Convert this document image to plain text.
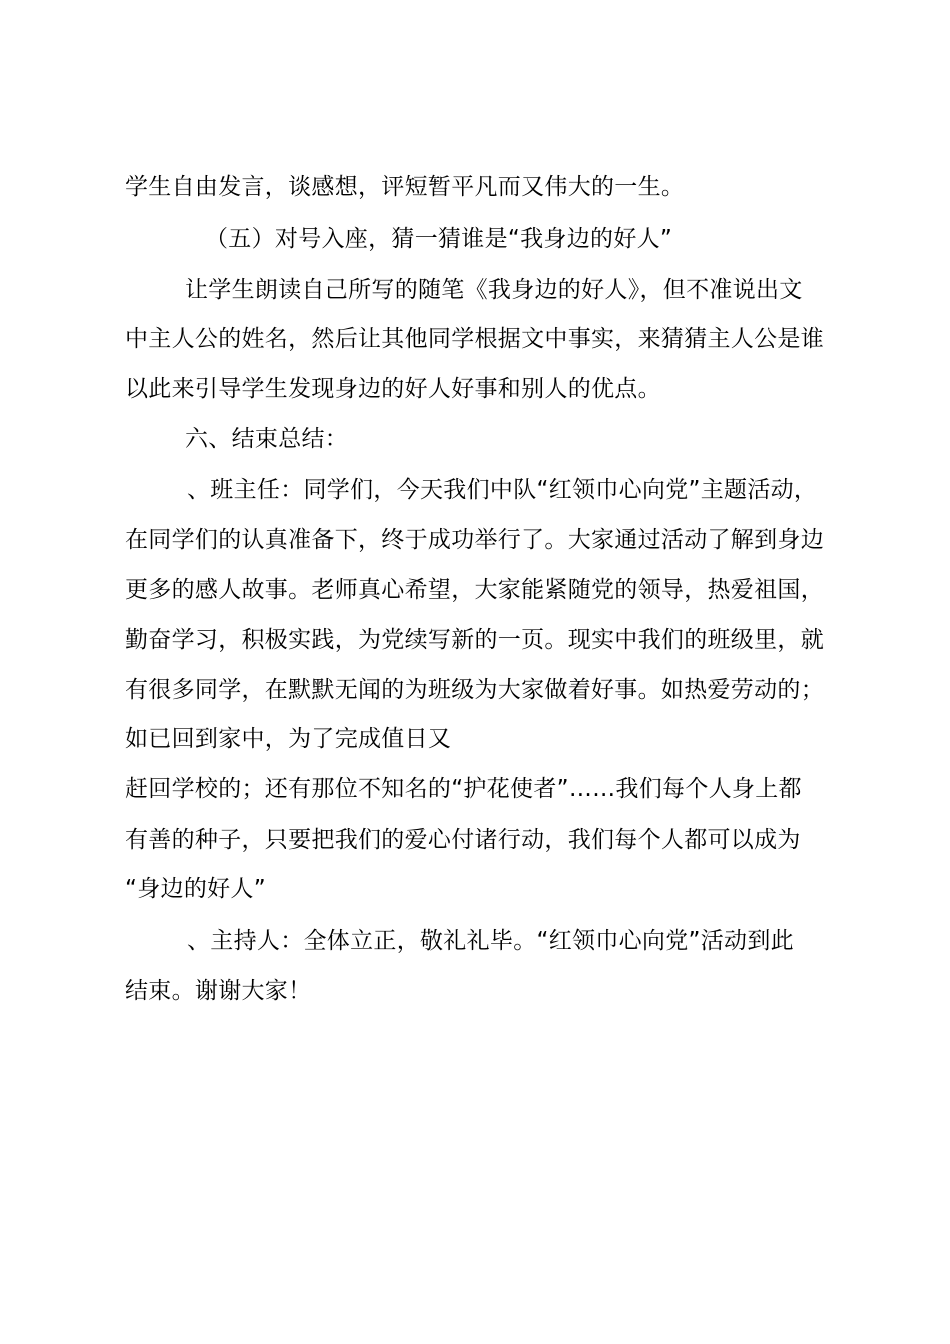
学生自由发言，谈感想，评短暂平凡而又伟大的一生。
（五）对号入座，猜一猜谁是“我身边的好人”
让学生朗读自己所写的随笔《我身边的好人》，但不准说出文
中主人公的姓名，然后让其他同学根据文中事实，来猜猜主人公是谁
以此来引导学生发现身边的好人好事和别人的优点。
六、结束总结：
、班主任：同学们，今天我们中队“红领巾心向党”主题活动，
在同学们的认真准备下，终于成功举行了。大家通过活动了解到身边
更多的感人故事。老师真心希望，大家能紧随党的领导，热爱祖国，
勤奋学习，积极实践，为党续写新的一页。现实中我们的班级里，就
有很多同学，在默默无闻的为班级为大家做着好事。如热爱劳动的；
如已回到家中，为了完成值日又
赶回学校的；还有那位不知名的“护花使者”……我们每个人身上都
有善的种子，只要把我们的爱心付诸行动，我们每个人都可以成为
“身边的好人”
、主持人：全体立正，敬礼礼毕。“红领巾心向党”活动到此
结束。谢谢大家！
